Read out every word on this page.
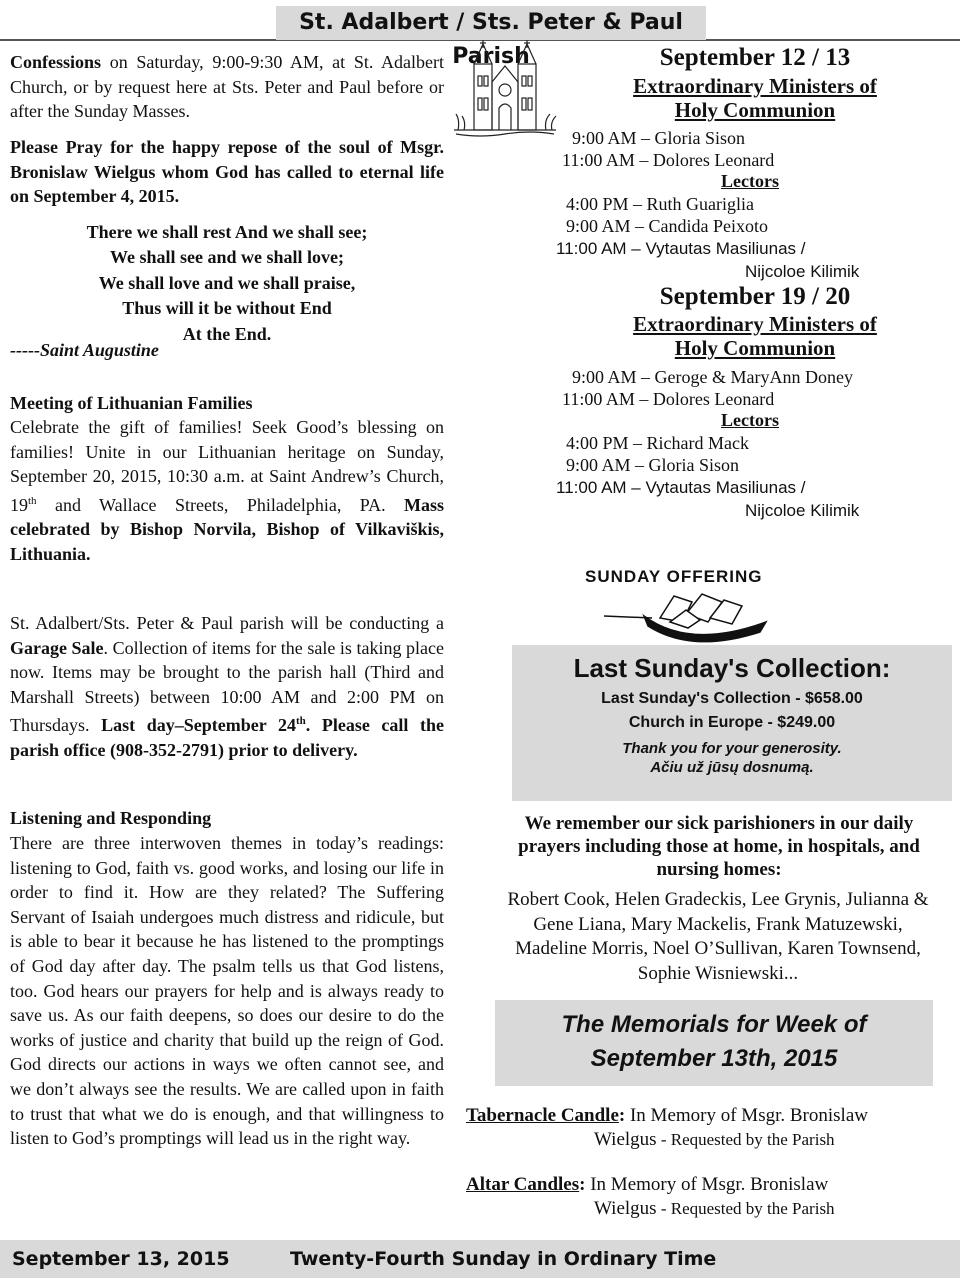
St. Adalbert / Sts. Peter & Paul Parish

Confessions on Saturday, 9:00-9:30 AM, at St. Adalbert Church, or by request here at Sts. Peter and Paul before or after the Sunday Masses.

Please Pray for the happy repose of the soul of Msgr. Bronislaw Wielgus whom God has called to eternal life on September 4, 2015.

There we shall rest And we shall see;
We shall see and we shall love;
We shall love and we shall praise,
Thus will it be without End
At the End.
-----Saint Augustine
Meeting of Lithuanian Families

Celebrate the gift of families! Seek Good’s blessing on families! Unite in our Lithuanian heritage on Sunday, September 20, 2015, 10:30 a.m. at Saint Andrew’s Church, 19th and Wallace Streets, Philadelphia, PA. Mass celebrated by Bishop Norvila, Bishop of Vilkaviškis, Lithuania.

St. Adalbert/Sts. Peter & Paul parish will be conducting a Garage Sale. Collection of items for the sale is taking place now. Items may be brought to the parish hall (Third and Marshall Streets) between 10:00 AM and 2:00 PM on Thursdays. Last day–September 24th. Please call the parish office (908-352-2791) prior to delivery.

Listening and Responding

There are three interwoven themes in today’s readings: listening to God, faith vs. good works, and losing our life in order to find it. How are they related? The Suffering Servant of Isaiah undergoes much distress and ridicule, but is able to bear it because he has listened to the promptings of God day after day. The psalm tells us that God listens, too. God hears our prayers for help and is always ready to save us. As our faith deepens, so does our desire to do the works of justice and charity that build up the reign of God. God directs our actions in ways we often cannot see, and we don’t always see the results. We are called upon in faith to trust that what we do is enough, and that willingness to listen to God’s promptings will lead us in the right way.

September 12 / 13
Extraordinary Ministers of
Holy Communion
9:00 AM – Gloria Sison
11:00 AM – Dolores Leonard
Lectors
4:00 PM – Ruth Guariglia
9:00 AM – Candida Peixoto
11:00 AM – Vytautas Masiliunas /
Nijcoloe Kilimik
September 19 / 20
Extraordinary Ministers of
Holy Communion
9:00 AM – Geroge & MaryAnn Doney
11:00 AM – Dolores Leonard
Lectors
4:00 PM – Richard Mack
9:00 AM – Gloria Sison
11:00 AM – Vytautas Masiliunas /
Nijcoloe Kilimik
SUNDAY OFFERING
Last Sunday's Collection:
Last Sunday's Collection - $658.00
Church in Europe - $249.00
Thank you for your generosity.
Ačiu už jūsų dosnumą.
We remember our sick parishioners in our daily prayers including those at home, in hospitals, and nursing homes:
Robert Cook, Helen Gradeckis, Lee Grynis, Julianna & Gene Liana, Mary Mackelis, Frank Matuzewski, Madeline Morris, Noel O’Sullivan, Karen Townsend, Sophie Wisniewski...
The Memorials for Week of
September 13th, 2015
Tabernacle Candle: In Memory of Msgr. Bronislaw
Wielgus - Requested by the Parish
Altar Candles: In Memory of Msgr. Bronislaw
Wielgus - Requested by the Parish
September 13, 2015	Twenty-Fourth Sunday in Ordinary Time
